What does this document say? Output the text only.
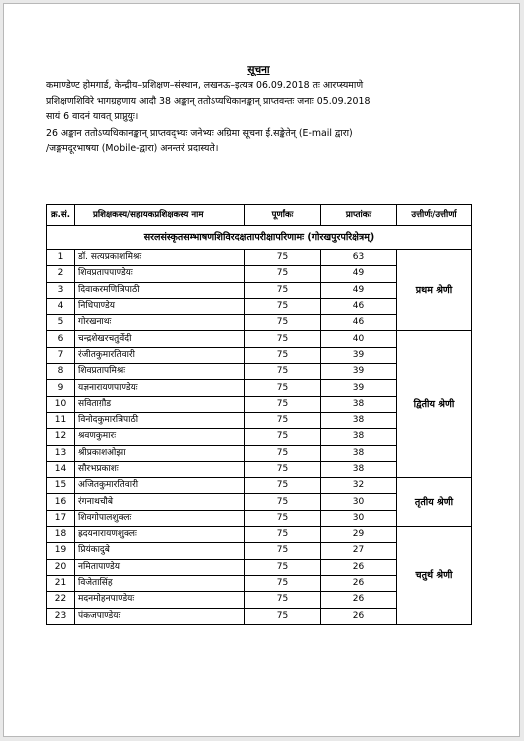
सूचना

कमाण्डेण्ट होमगार्ड, केन्द्रीय–प्रशिक्षण–संस्थान, लखनऊ–इत्यत्र 06.09.2018 तः आरप्स्यमाणे

प्रशिक्षणशिविरे भागग्रहणाय आदौ 38 अङ्कान् ततोऽप्यधिकानङ्कान् प्राप्तवन्तः जनाः 05.09.2018

सायं 6 वादनं यावत् प्राप्नुयुः।

26 अङ्कान ततोऽप्यधिकानङ्कान् प्राप्तवद्भ्यः जनेभ्यः अग्रिमा सूचना ई.सङ्केतेन् (E-mail द्वारा)

/जङ्गमदूरभाषया (Mobile-द्वारा) अनन्तरं प्रदास्यते।

सरलसंस्कृतसम्भाषणशिविरदक्षतापरीक्षापरिणामः (गोरखपुरपरिक्षेत्रम्)				
क्र.सं.	प्रशिक्षकस्य/सहायकप्रशिक्षकस्य नाम	पूर्णांकः	प्राप्तांकः	उत्तीर्णः/उत्तीर्णा
1	डॉ. सत्यप्रकाशमिश्रः	75	63	प्रथम श्रेणी
2	शिवप्रतापपाण्डेयः	75	49	
3	दिवाकरमणित्रिपाठी	75	49	
4	निधिपाण्डेय	75	46	
5	गोरखनाथः	75	46	
6	चन्द्रशेखरचतुर्वेदी	75	40	द्वितीय श्रेणी
7	रंजीतकुमारतिवारी	75	39	
8	शिवप्रतापमिश्रः	75	39	
9	यज्ञनारायणपाण्डेयः	75	39	
10	सविताग़ौड	75	38	
11	विनोदकुमारत्रिपाठी	75	38	
12	श्रवणकुमारः	75	38	
13	श्रीप्रकाशओझा	75	38	
14	सौरभप्रकाशः	75	38	
15	अजितकुमारतिवारी	75	32	तृतीय श्रेणी
16	रंगनाथचौबे	75	30	
17	शिवगोपालशुक्लः	75	30	
18	ह्रदयनारायणशुक्लः	75	29	चतुर्थ श्रेणी
19	प्रियंकादुबे	75	27	
20	नमितापाण्डेय	75	26	
21	विजेतासिंह	75	26	
22	मदनमोहनपाण्डेयः	75	26	
23	पंकजपाण्डेयः	75	26	
